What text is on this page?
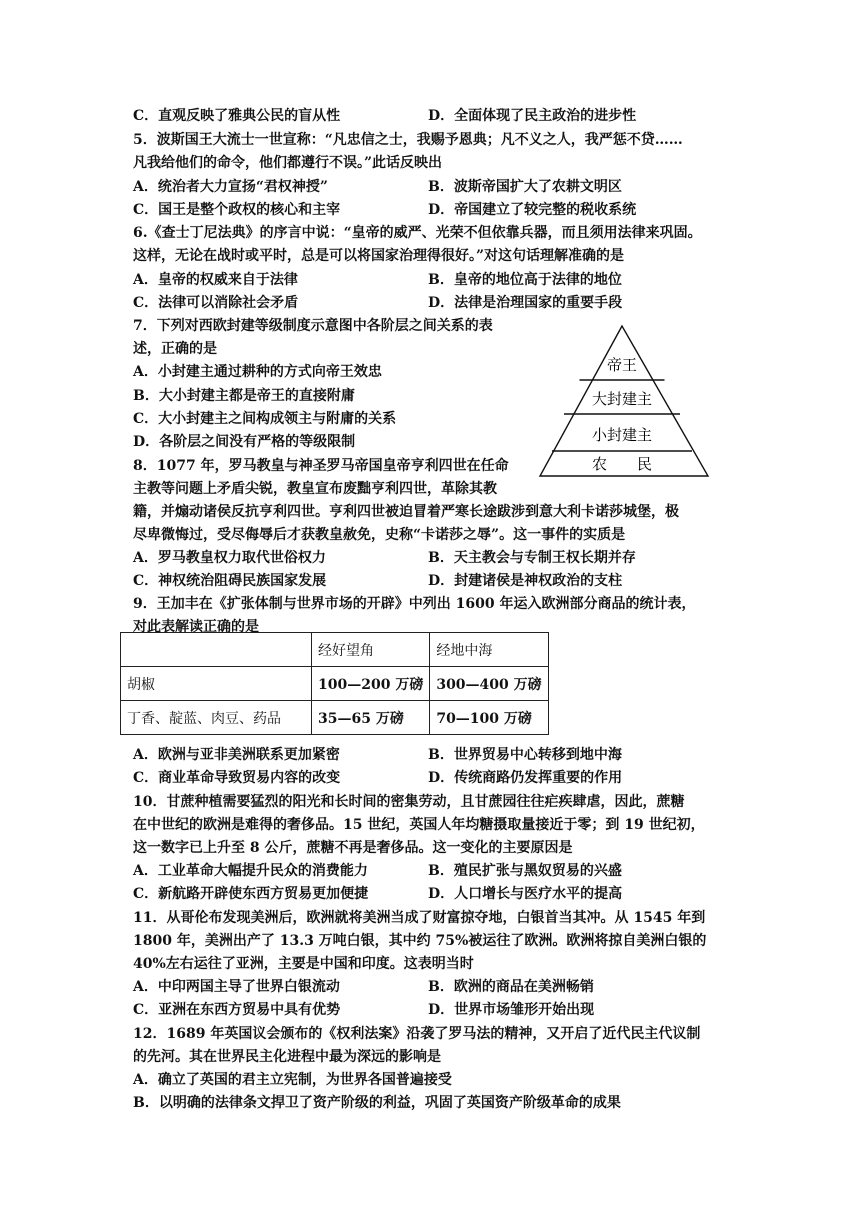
C．直观反映了雅典公民的盲从性	D．全面体现了民主政治的进步性
5．波斯国王大流士一世宣称：“凡忠信之士，我赐予恩典；凡不义之人，我严惩不贷……
凡我给他们的命令，他们都遵行不误。”此话反映出
A．统治者大力宣扬“君权神授”	B．波斯帝国扩大了农耕文明区
C．国王是整个政权的核心和主宰	D．帝国建立了较完整的税收系统
6.《查士丁尼法典》的序言中说：“皇帝的威严、光荣不但依靠兵器，而且须用法律来巩固。
这样，无论在战时或平时，总是可以将国家治理得很好。”对这句话理解准确的是
A．皇帝的权威来自于法律	B．皇帝的地位高于法律的地位
C．法律可以消除社会矛盾	D．法律是治理国家的重要手段
7．下列对西欧封建等级制度示意图中各阶层之间关系的表
述，正确的是
A．小封建主通过耕种的方式向帝王效忠
B．大小封建主都是帝王的直接附庸
C．大小封建主之间构成领主与附庸的关系
D．各阶层之间没有严格的等级限制
帝王
大封建主
小封建主
农　　民
8．1077 年，罗马教皇与神圣罗马帝国皇帝亨利四世在任命
主教等问题上矛盾尖锐，教皇宣布废黜亨利四世，革除其教
籍，并煽动诸侯反抗亨利四世。亨利四世被迫冒着严寒长途跋涉到意大利卡诺莎城堡，极
尽卑微悔过，受尽侮辱后才获教皇赦免，史称“卡诺莎之辱”。这一事件的实质是
A．罗马教皇权力取代世俗权力	B．天主教会与专制王权长期并存
C．神权统治阻碍民族国家发展	D．封建诸侯是神权政治的支柱
9．王加丰在《扩张体制与世界市场的开辟》中列出 1600 年运入欧洲部分商品的统计表，
对此表解读正确的是
	经好望角	经地中海
胡椒	100—200 万磅	300—400 万磅
丁香、靛蓝、肉豆、药品	35—65 万磅	70—100 万磅
A．欧洲与亚非美洲联系更加紧密	B．世界贸易中心转移到地中海
C．商业革命导致贸易内容的改变	D．传统商路仍发挥重要的作用
10．甘蔗种植需要猛烈的阳光和长时间的密集劳动，且甘蔗园往往疟疾肆虐，因此，蔗糖
在中世纪的欧洲是难得的奢侈品。15 世纪，英国人年均糖摄取量接近于零；到 19 世纪初，
这一数字已上升至 8 公斤，蔗糖不再是奢侈品。这一变化的主要原因是
A．工业革命大幅提升民众的消费能力	B．殖民扩张与黑奴贸易的兴盛
C．新航路开辟使东西方贸易更加便捷	D．人口增长与医疗水平的提高
11．从哥伦布发现美洲后，欧洲就将美洲当成了财富掠夺地，白银首当其冲。从 1545 年到
1800 年，美洲出产了 13.3 万吨白银，其中约 75%被运往了欧洲。欧洲将掠自美洲白银的
40%左右运往了亚洲，主要是中国和印度。这表明当时
A．中印两国主导了世界白银流动	B．欧洲的商品在美洲畅销
C．亚洲在东西方贸易中具有优势	D．世界市场雏形开始出现
12．1689 年英国议会颁布的《权利法案》沿袭了罗马法的精神，又开启了近代民主代议制
的先河。其在世界民主化进程中最为深远的影响是
A．确立了英国的君主立宪制，为世界各国普遍接受
B．以明确的法律条文捍卫了资产阶级的利益，巩固了英国资产阶级革命的成果
